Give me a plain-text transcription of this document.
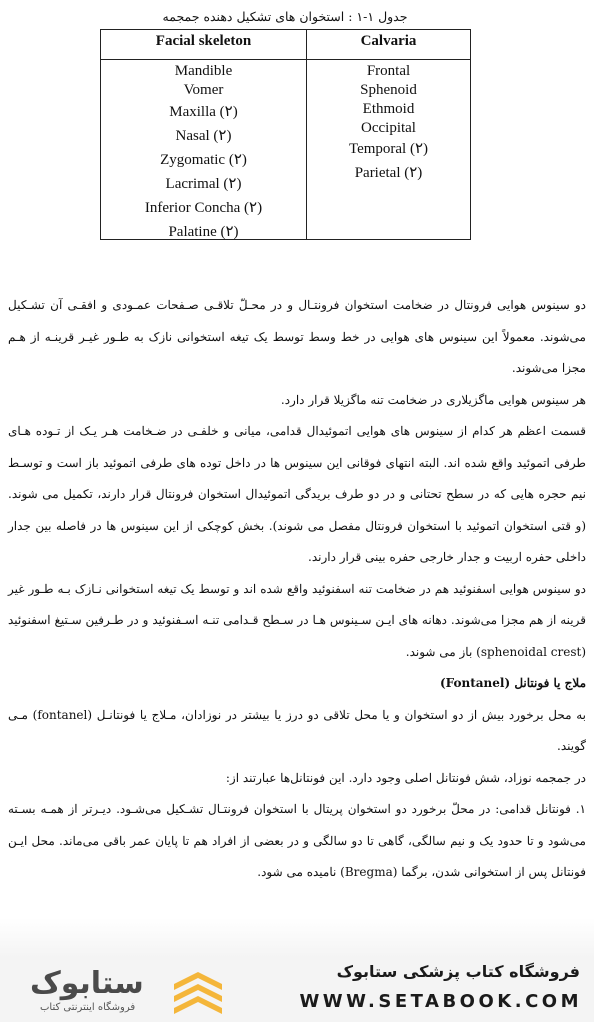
جدول ۱-۱ : استخوان های تشکیل دهنده جمجمه
Facial skeleton
Mandible
Vomer
Maxilla (۲)
Nasal (۲)
Zygomatic (۲)
Lacrimal (۲)
Inferior Concha (۲)
Palatine (۲)
Calvaria
Frontal
Sphenoid
Ethmoid
Occipital
Temporal (۲)
Parietal (۲)

دو سینوس هوایی فرونتال در ضخامت استخوان فرونتـال و در محـلّ تلاقـی صـفحات عمـودی و افقـی آن تشـکیل می‌شوند. معمولاً این سینوس های هوایی در خط وسط توسط یک تیغه استخوانی نازک به طـور غیـر قرینـه از هـم مجزا می‌شوند.

هر سینوس هوایی ماگزیلاری در ضخامت تنه ماگزیلا قرار دارد.

قسمت اعظم هر کدام از سینوس های هوایی اتموئیدال قدامی، میانی و خلفـی در ضـخامت هـر یـک از تـوده هـای طرفی اتموئید واقع شده اند. البته انتهای فوقانی این سینوس ها در داخل توده های طرفی اتموئید باز است و توسـط نیم حجره هایی که در سطح تحتانی و در دو طرف بریدگی اتموئیدال استخوان فرونتال قرار دارند، تکمیل می شوند. (و قتی استخوان اتموئید با استخوان فرونتال مفصل می شوند). بخش کوچکی از این سینوس ها در فاصله بین جدار داخلی حفره اربیت و جدار خارجی حفره بینی قرار دارند.

دو سینوس هوایی اسفنوئید هم در ضخامت تنه اسفنوئید واقع شده اند و توسط یک تیغه استخوانی نـازک بـه طـور غیر قرینه از هم مجزا می‌شوند. دهانه های ایـن سـینوس هـا در سـطح قـدامی تنـه اسـفنوئید و در طـرفین سـتیغ اسفنوئید (sphenoidal crest) باز می شوند.

ملاج یا فونتانل (Fontanel)

به محل برخورد بیش از دو استخوان و یا محل تلاقی دو درز یا بیشتر در نوزادان، مـلاج یا فونتانـل (fontanel) مـی گویند.

در جمجمه نوزاد، شش فونتانل اصلی وجود دارد. این فونتانل‌ها عبارتند از:

۱. فونتانل قدامی: در محلّ برخورد دو استخوان پریتال با استخوان فرونتـال تشـکیل می‌شـود. دیـرتر از همـه بسـته می‌شود و تا حدود یک و نیم سالگی، گاهی تا دو سالگی و در بعضی از افراد هم تا پایان عمر باقی می‌ماند. محل ایـن فونتانل پس از استخوانی شدن، برگما (Bregma) نامیده می شود.

ستابوک
فروشگاه اینترنتی کتاب
فروشگاه کتاب پزشکی ستابوک
WWW.SETABOOK.COM
